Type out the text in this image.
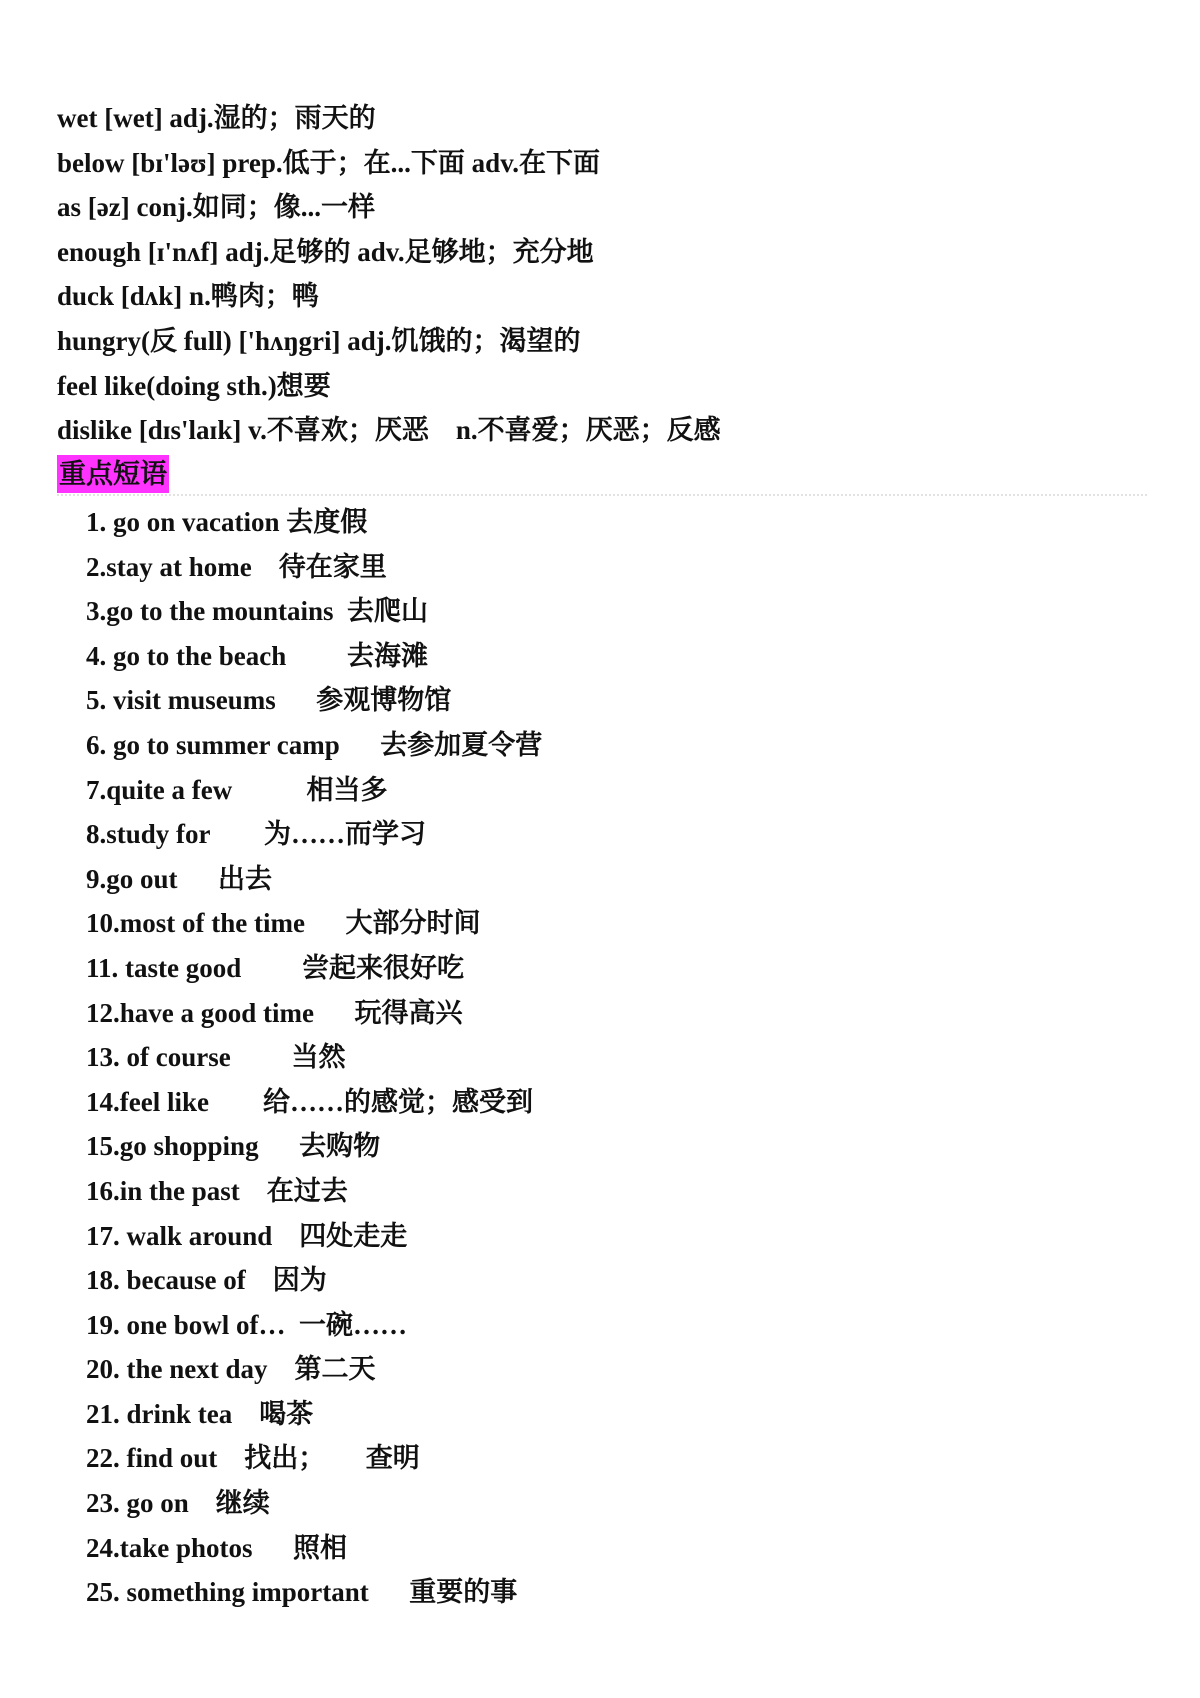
wet [wet] adj.湿的；雨天的
below [bɪ'ləʊ] prep.低于；在...下面 adv.在下面
as [əz] conj.如同；像...一样
enough [ɪ'nʌf] adj.足够的 adv.足够地；充分地
duck [dʌk] n.鸭肉；鸭
hungry(反 full) ['hʌŋgri] adj.饥饿的；渴望的
feel like(doing sth.)想要
dislike [dɪs'laɪk] v.不喜欢；厌恶    n.不喜爱；厌恶；反感
重点短语
1. go on vacation 去度假
2.stay at home    待在家里
3.go to the mountains  去爬山
4. go to the beach         去海滩
5. visit museums      参观博物馆
6. go to summer camp      去参加夏令营
7.quite a few           相当多
8.study for        为……而学习
9.go out      出去
10.most of the time      大部分时间
11. taste good         尝起来很好吃
12.have a good time      玩得高兴
13. of course         当然
14.feel like        给……的感觉；感受到
15.go shopping      去购物
16.in the past    在过去
17. walk around    四处走走
18. because of    因为
19. one bowl of…  一碗……
20. the next day    第二天
21. drink tea    喝茶
22. find out    找出；      查明
23. go on    继续
24.take photos      照相
25. something important      重要的事
